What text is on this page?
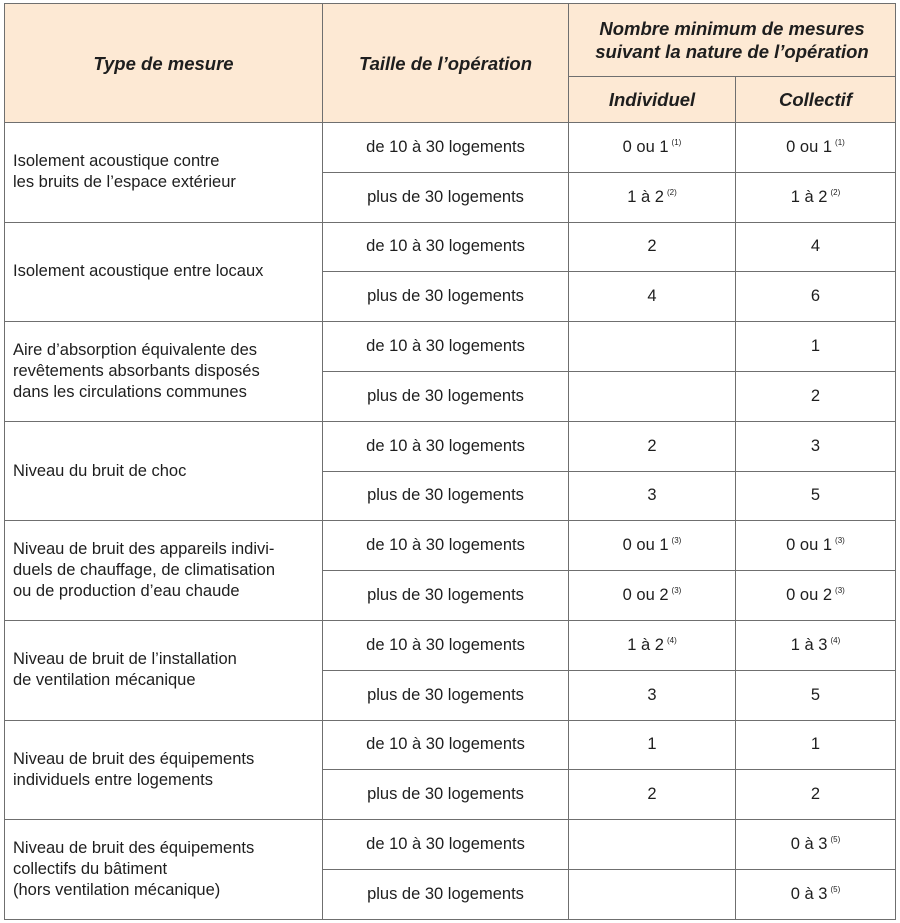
Type de mesure	Taille de l’opération	Nombre minimum de mesures
suivant la nature de l’opération	

		Individuel	Collectif

Isolement acoustique contre
les bruits de l’espace extérieur	de 10 à 30 logements	0 ou 1 $^{(1)}$	0 ou 1 $^{(1)}$
	plus de 30 logements	1 à 2 $^{(2)}$	1 à 2 $^{(2)}$

Isolement acoustique entre locaux	de 10 à 30 logements	2	4
	plus de 30 logements	4	6

Aire d’absorption équivalente des
revêtements absorbants disposés
dans les circulations communes	de 10 à 30 logements		1
	plus de 30 logements		2

Niveau du bruit de choc	de 10 à 30 logements	2	3
	plus de 30 logements	3	5

Niveau de bruit des appareils indivi-
duels de chauffage, de climatisation
ou de production d’eau chaude	de 10 à 30 logements	0 ou 1 $^{(3)}$	0 ou 1 $^{(3)}$
	plus de 30 logements	0 ou 2 $^{(3)}$	0 ou 2 $^{(3)}$

Niveau de bruit de l’installation
de ventilation mécanique	de 10 à 30 logements	1 à 2 $^{(4)}$	1 à 3 $^{(4)}$
	plus de 30 logements	3	5

Niveau de bruit des équipements
individuels entre logements	de 10 à 30 logements	1	1
	plus de 30 logements	2	2

Niveau de bruit des équipements
collectifs du bâtiment
(hors ventilation mécanique)	de 10 à 30 logements		0 à 3 $^{(5)}$
	plus de 30 logements		0 à 3 $^{(5)}$
